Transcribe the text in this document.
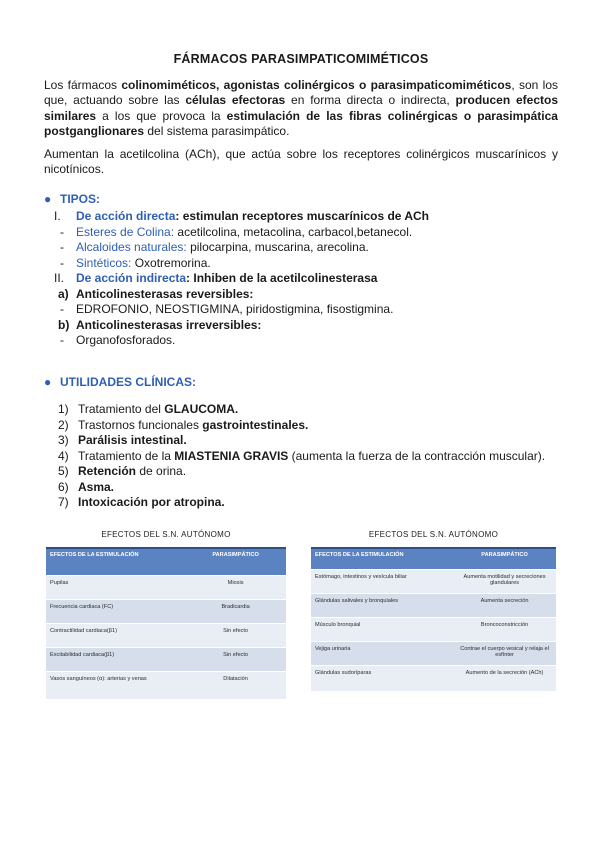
FÁRMACOS PARASIMPATICOMIMÉTICOS

Los fármacos colinomiméticos, agonistas colinérgicos o parasimpaticomiméticos, son los que, actuando sobre las células efectoras en forma directa o indirecta, producen efectos similares a los que provoca la estimulación de las fibras colinérgicas o parasimpática postganglionares del sistema parasimpático.

Aumentan la acetilcolina (ACh), que actúa sobre los receptores colinérgicos muscarínicos y nicotínicos.

● TIPOS:
I. De acción directa: estimulan receptores muscarínicos de ACh
- Esteres de Colina: acetilcolina, metacolina, carbacol,betanecol.
- Alcaloides naturales: pilocarpina, muscarina, arecolina.
- Sintéticos: Oxotremorina.
II. De acción indirecta: Inhiben de la acetilcolinesterasa
a) Anticolinesterasas reversibles:
- EDROFONIO, NEOSTIGMINA, piridostigmina, fisostigmina.
b) Anticolinesterasas irreversibles:
- Organofosforados.
● UTILIDADES CLÍNICAS:
1) Tratamiento del GLAUCOMA.
2) Trastornos funcionales gastrointestinales.
3) Parálisis intestinal.
4) Tratamiento de la MIASTENIA GRAVIS (aumenta la fuerza de la contracción muscular).
5) Retención de orina.
6) Asma.
7) Intoxicación por atropina.
EFECTOS DEL S.N. AUTÓNOMO
EFECTOS DE LA ESTIMULACIÓN	PARASIMPÁTICO
Pupilas	Miosis
Frecuencia cardiaca (FC)	Bradicardia
Contractilidad cardiaca(β1)	Sin efecto
Excitabilidad cardiaca(β1)	Sin efecto
Vasos sanguíneos (α): arterias y venas	Dilatación
EFECTOS DEL S.N. AUTÓNOMO
EFECTOS DE LA ESTIMULACIÓN	PARASIMPÁTICO
Estómago, intestinos y vesícula biliar	Aumenta motilidad y secreciones glandulares
Glándulas salivales y bronquiales	Aumenta secreción
Músculo bronquial	Broncoconstricción
Vejiga urinaria	Contrae el cuerpo vesical y relaja el esfínter
Glándulas sudoríparas	Aumento de la secreción (ACh)
